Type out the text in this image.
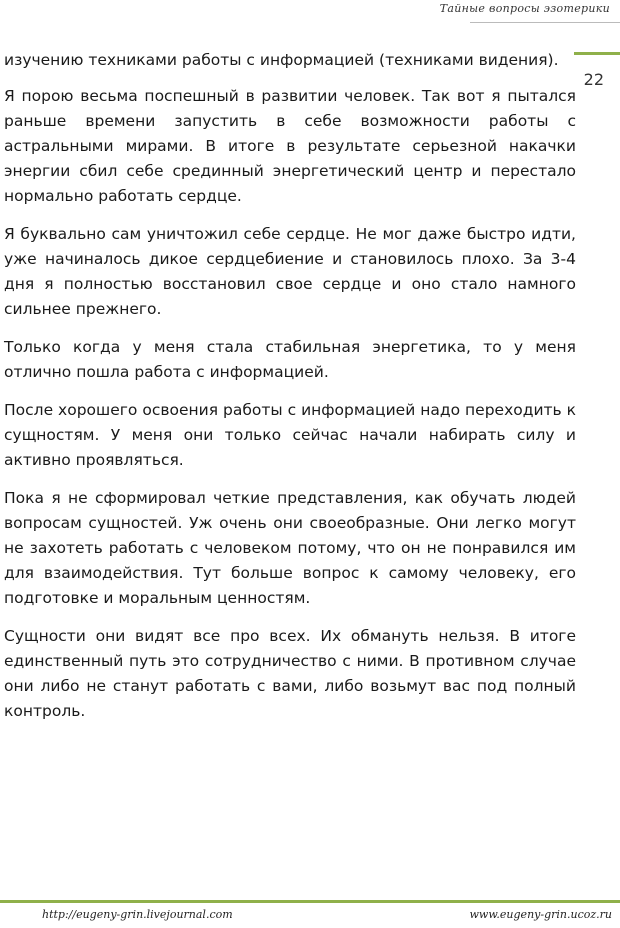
Тайные вопросы эзотерики
22

изучению техниками работы с информацией (техниками видения).

Я порою весьма поспешный в развитии человек. Так вот я пытался раньше времени запустить в себе возможности работы с астральными мирами. В итоге в результате серьезной накачки энергии сбил себе срединный энергетический центр и перестало нормально работать сердце.

Я буквально сам уничтожил себе сердце. Не мог даже быстро идти, уже начиналось дикое сердцебиение и становилось плохо. За 3-4 дня я полностью восстановил свое сердце и оно стало намного сильнее прежнего.

Только когда у меня стала стабильная энергетика, то у меня отлично пошла работа с информацией.

После хорошего освоения работы с информацией надо переходить к сущностям. У меня они только сейчас начали набирать силу и активно проявляться.

Пока я не сформировал четкие представления, как обучать людей вопросам сущностей. Уж очень они своеобразные. Они легко могут не захотеть работать с человеком потому, что он не понравился им для взаимодействия. Тут больше вопрос к самому человеку, его подготовке и моральным ценностям.

Сущности они видят все про всех. Их обмануть нельзя. В итоге единственный путь это сотрудничество с ними. В противном случае они либо не станут работать с вами, либо возьмут вас под полный контроль.

http://eugeny-grin.livejournal.com	www.eugeny-grin.ucoz.ru
